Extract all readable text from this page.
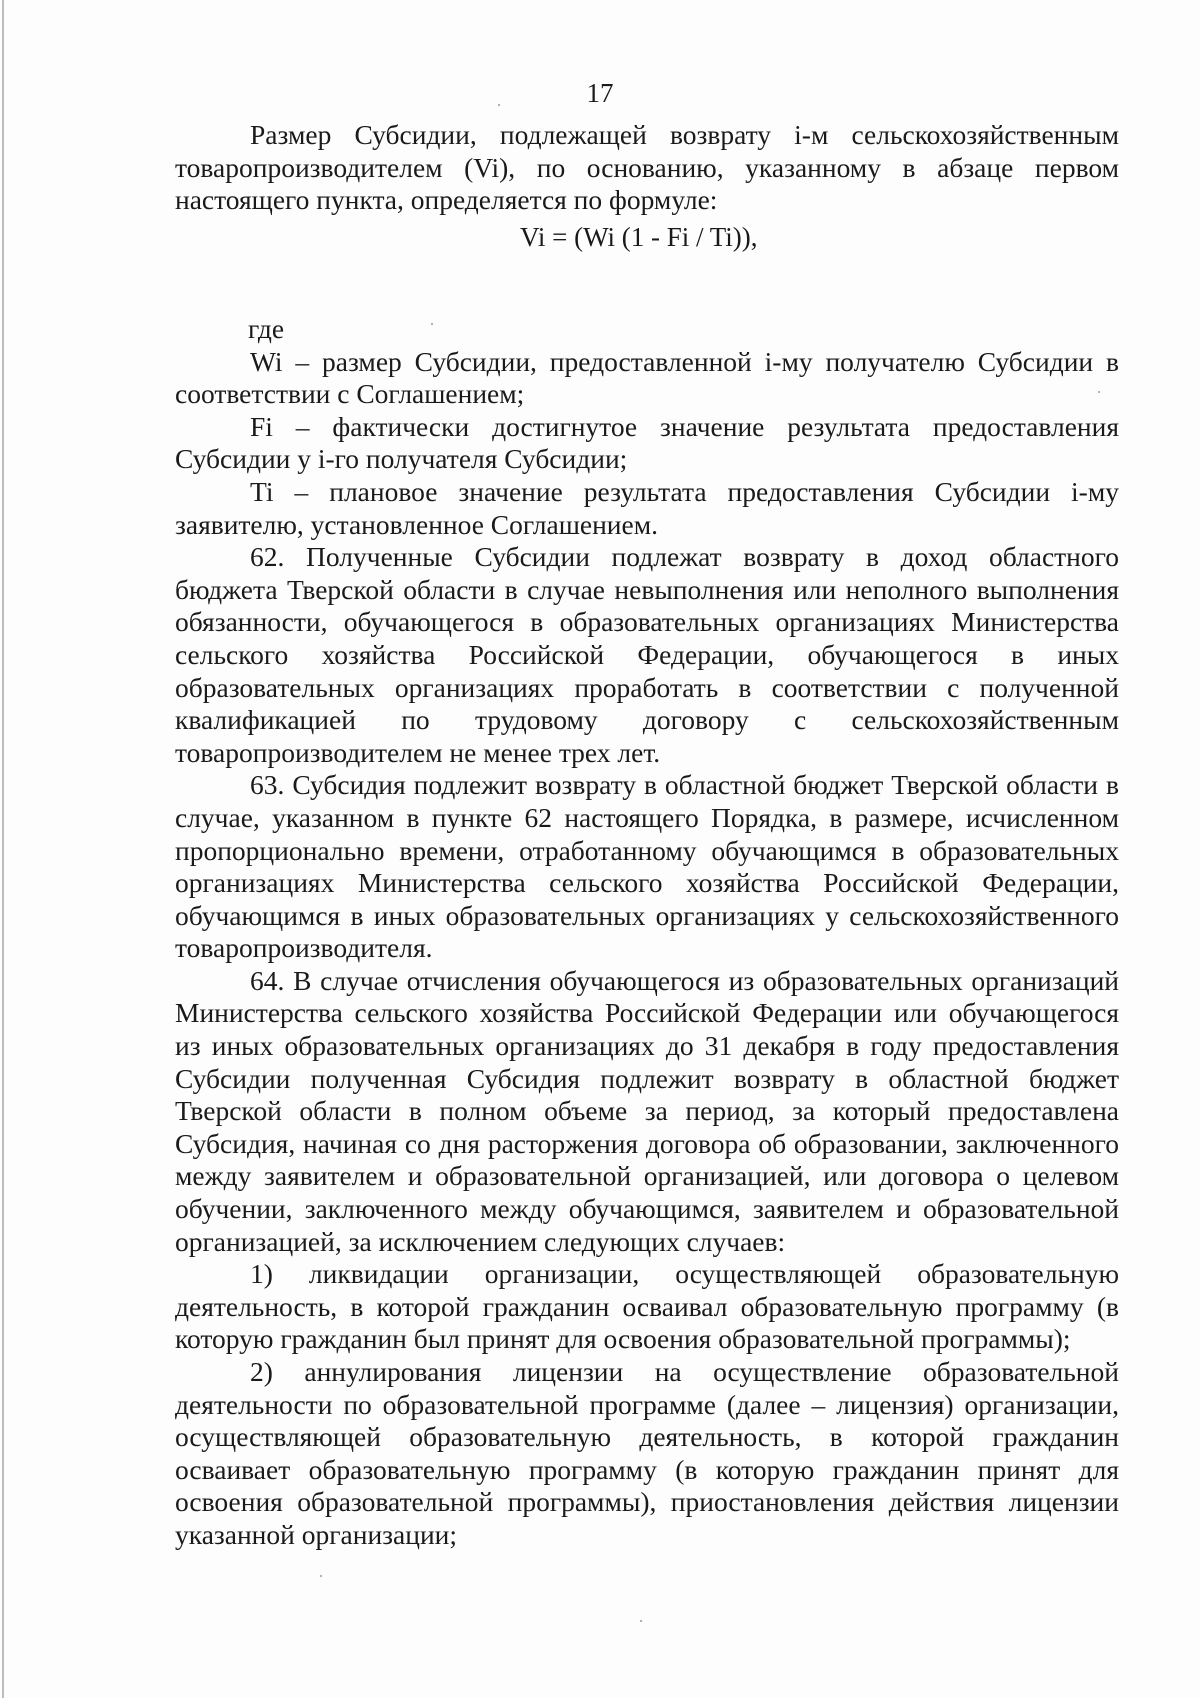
17

Размер Субсидии, подлежащей возврату i-м сельскохозяйственным товаропроизводителем (Vi), по основанию, указанному в абзаце первом настоящего пункта, определяется по формуле:

Vi = (Wi (1 - Fi / Ti)),

где

Wi – размер Субсидии, предоставленной i-му получателю Субсидии в соответствии с Соглашением;

Fi – фактически достигнутое значение результата предоставления Субсидии у i-го получателя Субсидии;

Ti – плановое значение результата предоставления Субсидии i-му заявителю, установленное Соглашением.

62. Полученные Субсидии подлежат возврату в доход областного бюджета Тверской области в случае невыполнения или неполного выполнения обязанности, обучающегося в образовательных организациях Министерства сельского хозяйства Российской Федерации, обучающегося в иных образовательных организациях проработать в соответствии с полученной квалификацией по трудовому договору с сельскохозяйственным товаропроизводителем не менее трех лет.

63. Субсидия подлежит возврату в областной бюджет Тверской области в случае, указанном в пункте 62 настоящего Порядка, в размере, исчисленном пропорционально времени, отработанному обучающимся в образовательных организациях Министерства сельского хозяйства Российской Федерации, обучающимся в иных образовательных организациях у сельскохозяйственного товаропроизводителя.

64. В случае отчисления обучающегося из образовательных организаций Министерства сельского хозяйства Российской Федерации или обучающегося из иных образовательных организациях до 31 декабря в году предоставления Субсидии полученная Субсидия подлежит возврату в областной бюджет Тверской области в полном объеме за период, за который предоставлена Субсидия, начиная со дня расторжения договора об образовании, заключенного между заявителем и образовательной организацией, или договора о целевом обучении, заключенного между обучающимся, заявителем и образовательной организацией, за исключением следующих случаев:

1) ликвидации организации, осуществляющей образовательную деятельность, в которой гражданин осваивал образовательную программу (в которую гражданин был принят для освоения образовательной программы);

2) аннулирования лицензии на осуществление образовательной деятельности по образовательной программе (далее – лицензия) организации, осуществляющей образовательную деятельность, в которой гражданин осваивает образовательную программу (в которую гражданин принят для освоения образовательной программы), приостановления действия лицензии указанной организации;
